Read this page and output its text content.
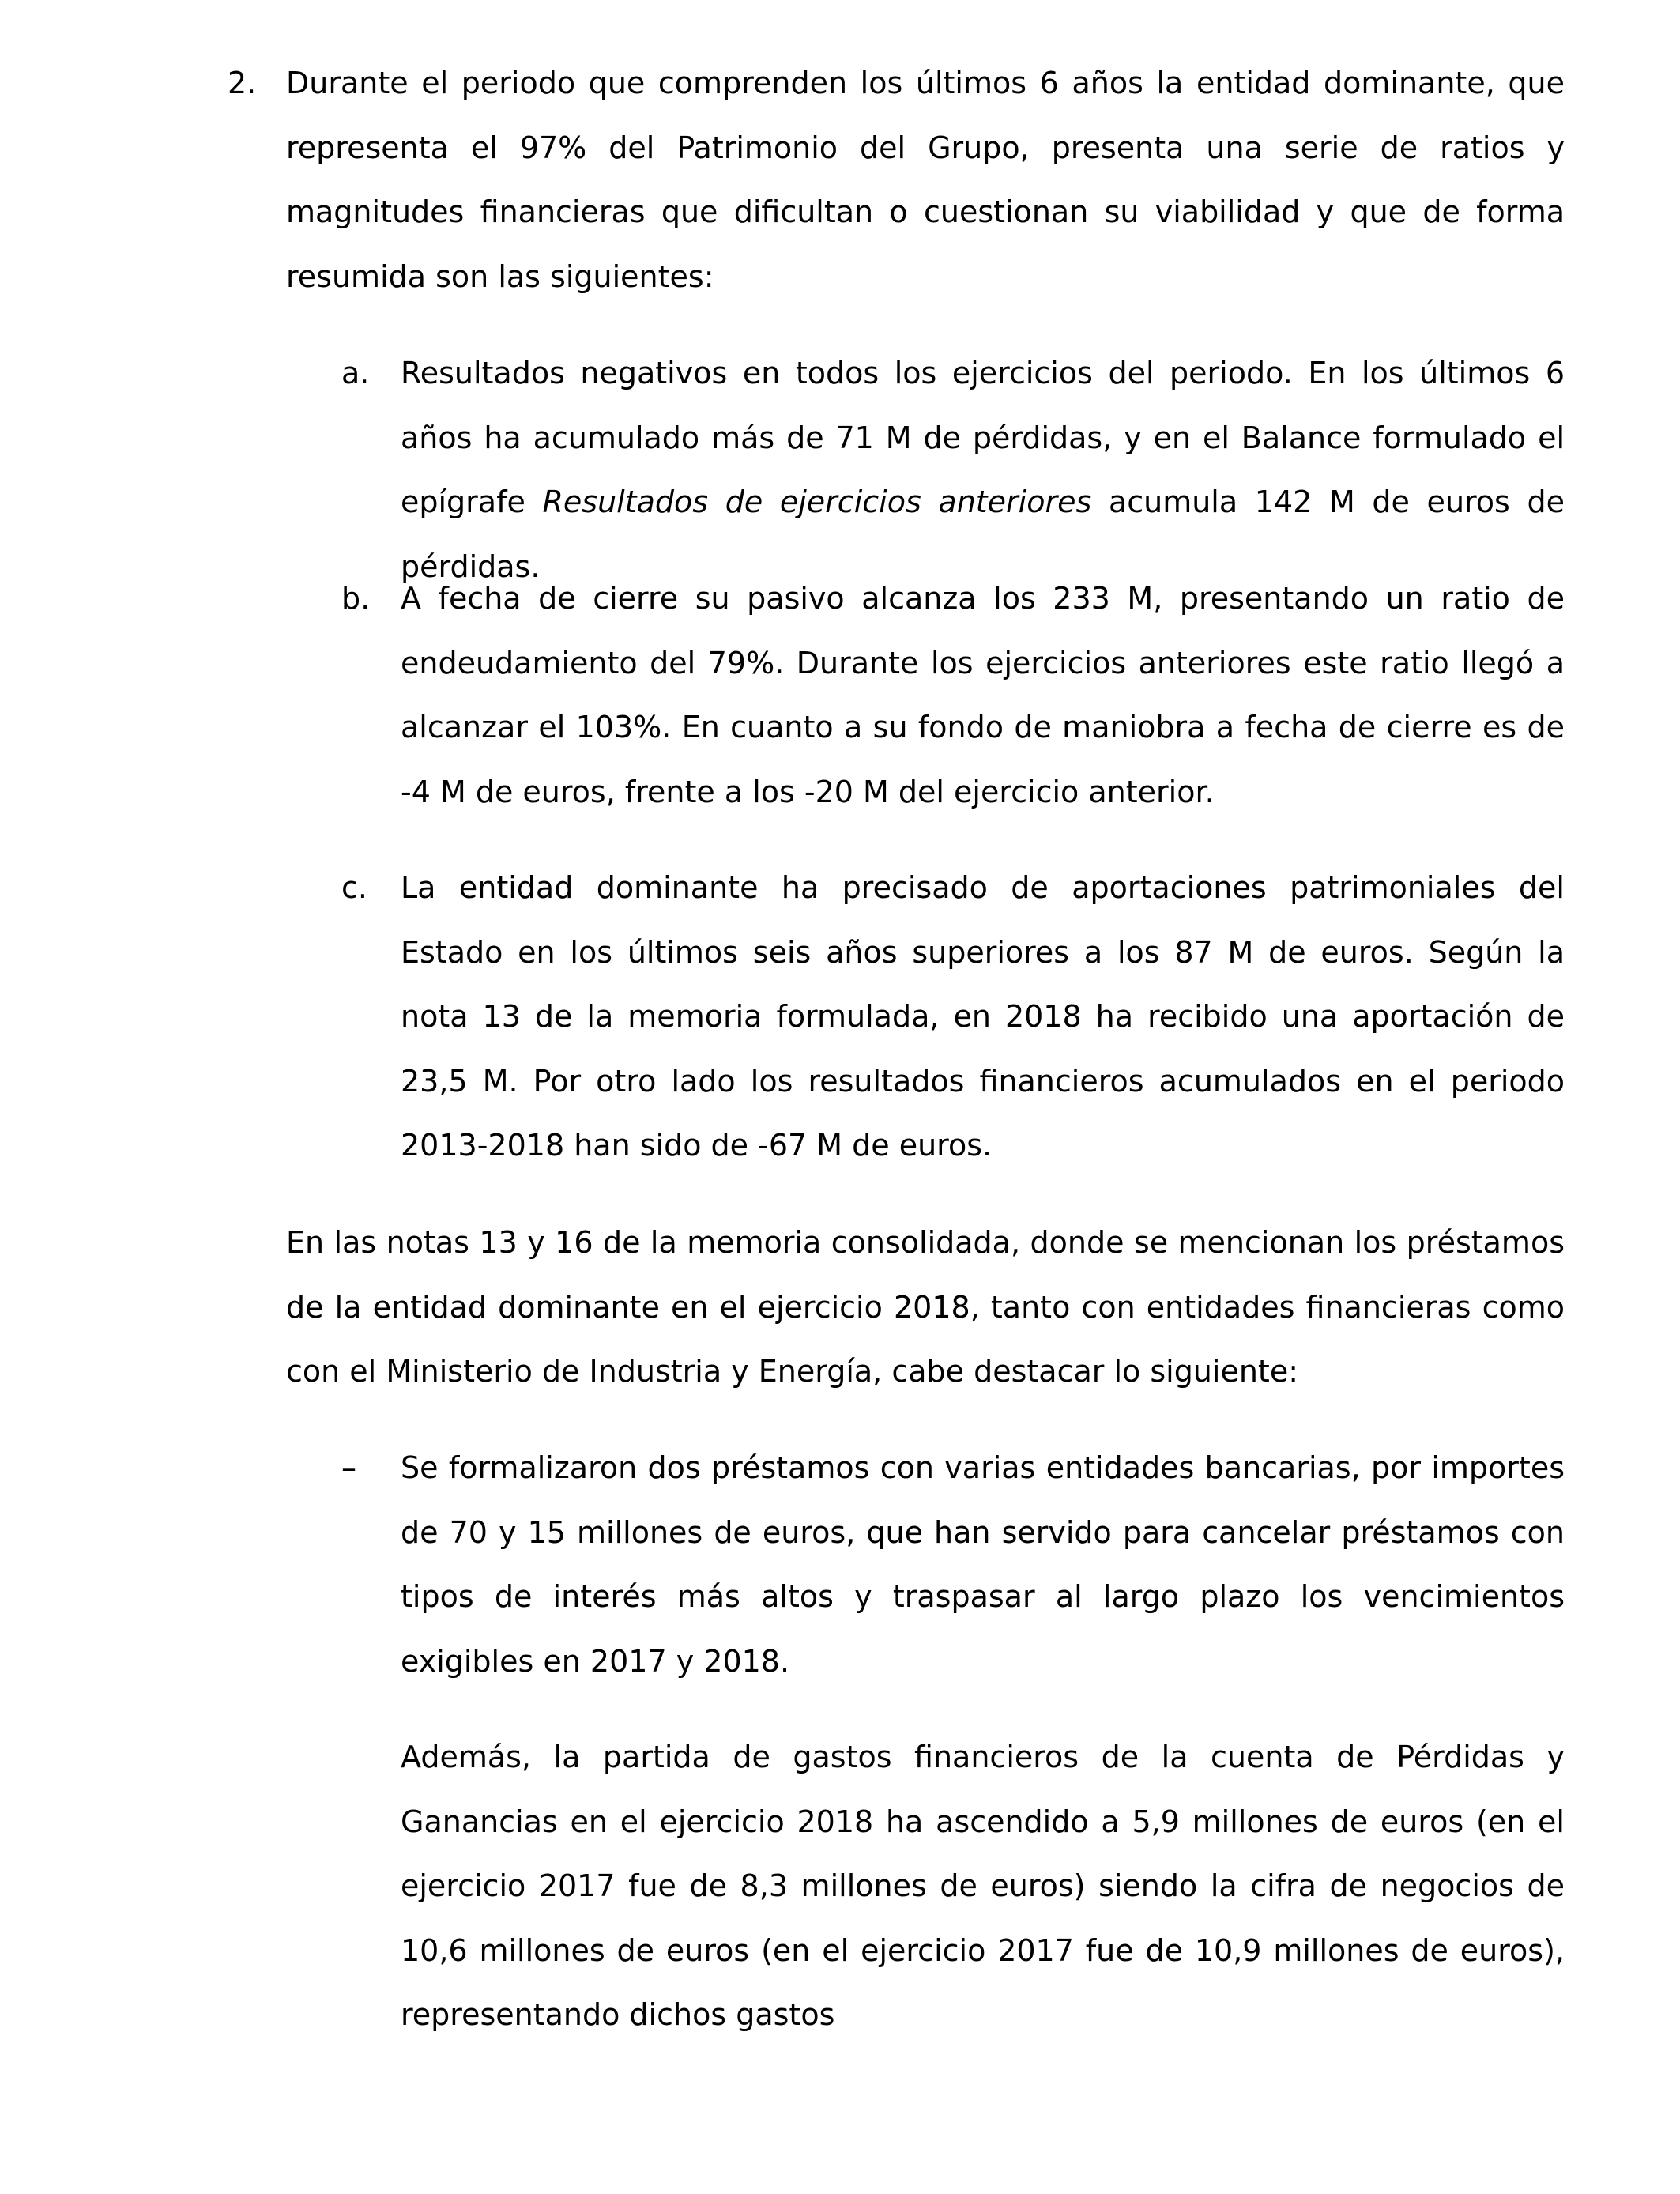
2. Durante el periodo que comprenden los últimos 6 años la entidad dominante, que representa el 97% del Patrimonio del Grupo, presenta una serie de ratios y magnitudes financieras que dificultan o cuestionan su viabilidad y que de forma resumida son las siguientes:
a. Resultados negativos en todos los ejercicios del periodo. En los últimos 6 años ha acumulado más de 71 M de pérdidas, y en el Balance formulado el epígrafe Resultados de ejercicios anteriores acumula 142 M de euros de pérdidas.
b. A fecha de cierre su pasivo alcanza los 233 M, presentando un ratio de endeudamiento del 79%. Durante los ejercicios anteriores este ratio llegó a alcanzar el 103%. En cuanto a su fondo de maniobra a fecha de cierre es de -4 M de euros, frente a los -20 M del ejercicio anterior.
c. La entidad dominante ha precisado de aportaciones patrimoniales del Estado en los últimos seis años superiores a los 87 M de euros. Según la nota 13 de la memoria formulada, en 2018 ha recibido una aportación de 23,5 M. Por otro lado los resultados financieros acumulados en el periodo 2013-2018 han sido de -67 M de euros.
En las notas 13 y 16 de la memoria consolidada, donde se mencionan los préstamos de la entidad dominante en el ejercicio 2018, tanto con entidades financieras como con el Ministerio de Industria y Energía, cabe destacar lo siguiente:
– Se formalizaron dos préstamos con varias entidades bancarias, por importes de 70 y 15 millones de euros, que han servido para cancelar préstamos con tipos de interés más altos y traspasar al largo plazo los vencimientos exigibles en 2017 y 2018.
Además, la partida de gastos financieros de la cuenta de Pérdidas y Ganancias en el ejercicio 2018 ha ascendido a 5,9 millones de euros (en el ejercicio 2017 fue de 8,3 millones de euros) siendo la cifra de negocios de 10,6 millones de euros (en el ejercicio 2017 fue de 10,9 millones de euros), representando dichos gastos
